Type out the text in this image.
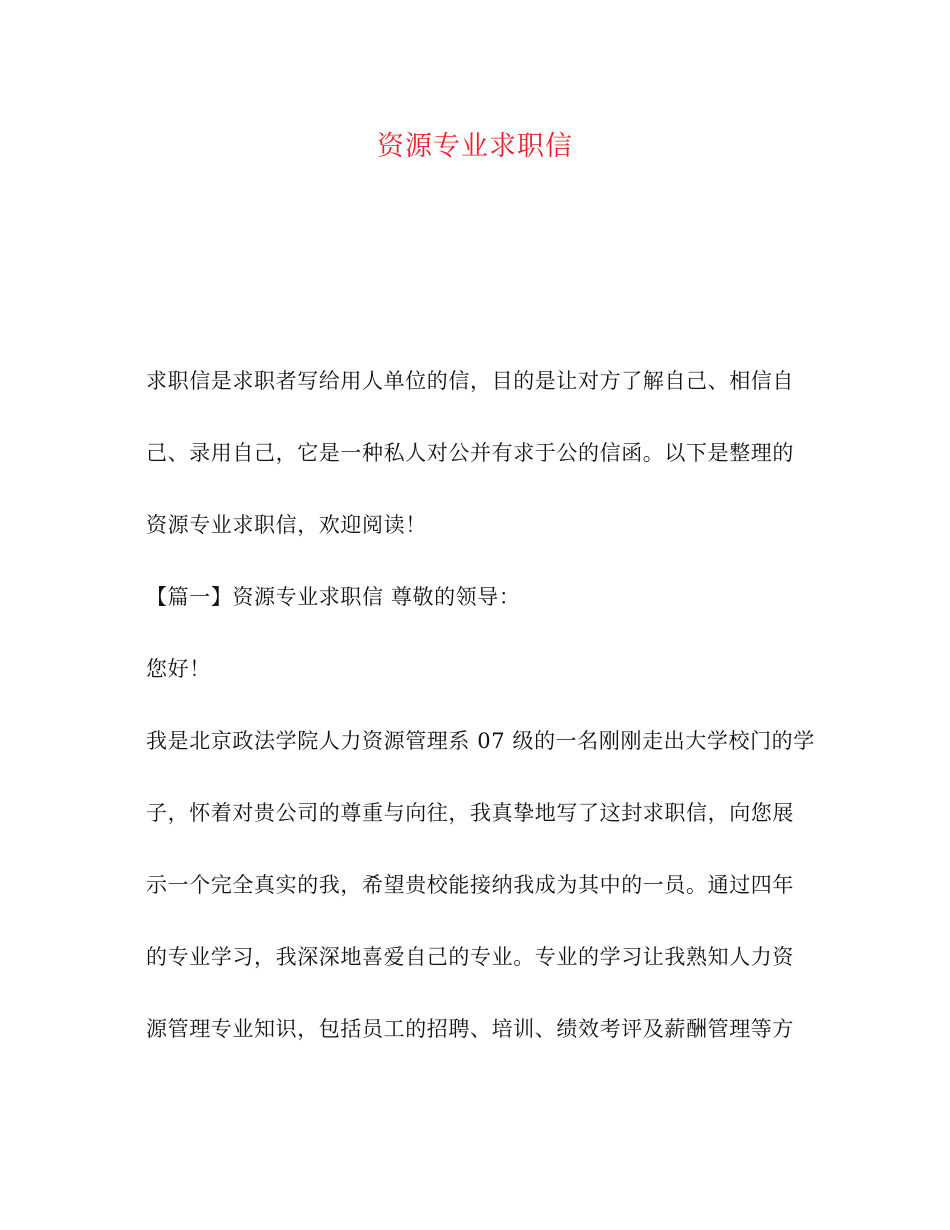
资源专业求职信
求职信是求职者写给用人单位的信，目的是让对方了解自己、相信自
己、录用自己，它是一种私人对公并有求于公的信函。以下是整理的
资源专业求职信，欢迎阅读！
【篇一】资源专业求职信 尊敬的领导：
您好！
我是北京政法学院人力资源管理系 07 级的一名刚刚走出大学校门的学
子，怀着对贵公司的尊重与向往，我真挚地写了这封求职信，向您展
示一个完全真实的我，希望贵校能接纳我成为其中的一员。通过四年
的专业学习，我深深地喜爱自己的专业。专业的学习让我熟知人力资
源管理专业知识，包括员工的招聘、培训、绩效考评及薪酬管理等方
